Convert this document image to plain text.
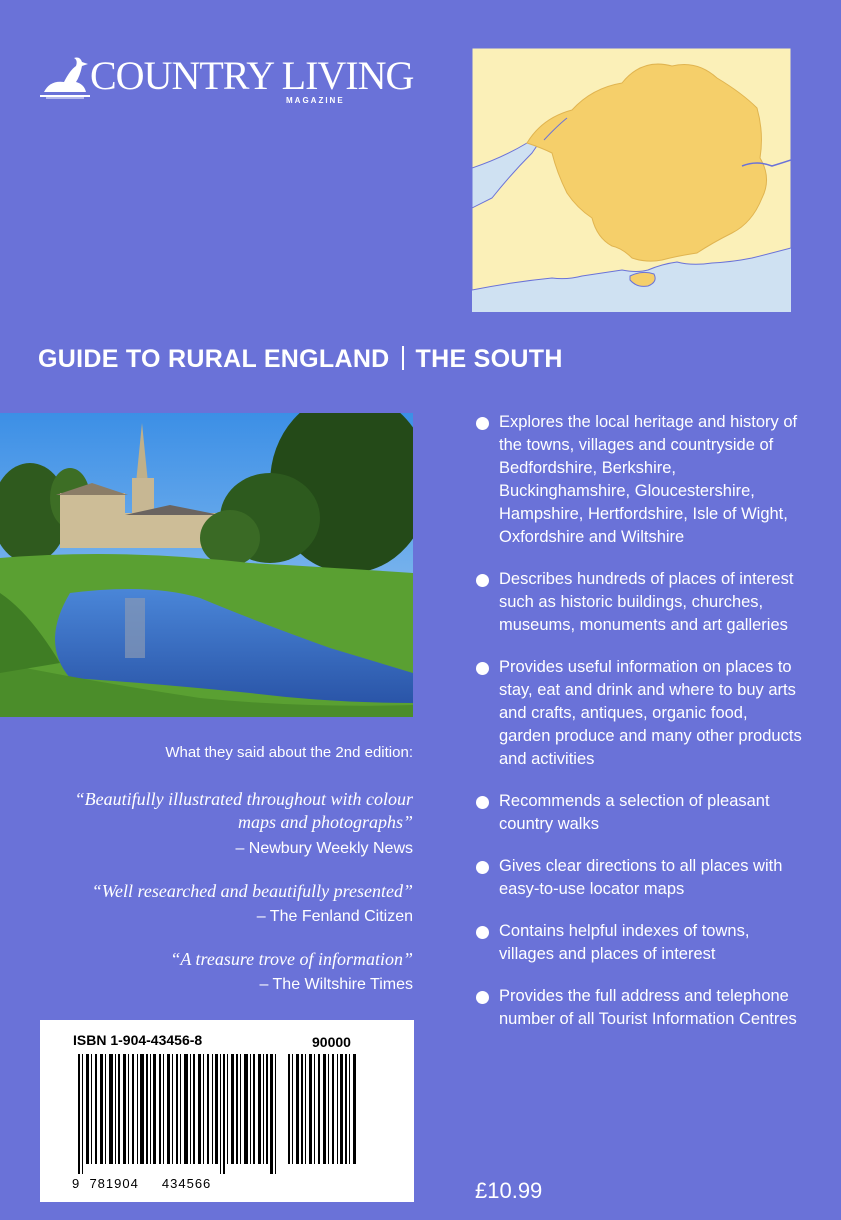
COUNTRY LIVING
MAGAZINE
GUIDE TO RURAL ENGLAND THE SOUTH
What they said about the 2nd edition:
“Beautifully illustrated throughout with colour maps and photographs”
– Newbury Weekly News
“Well researched and beautifully presented”
– The Fenland Citizen
“A treasure trove of information”
– The Wiltshire Times
ISBN 1-904-43456-8	90000
9  781904     434566
Explores the local heritage and history of the towns, villages and countryside of Bedfordshire, Berkshire, Buckinghamshire, Gloucestershire, Hampshire, Hertfordshire, Isle of Wight, Oxfordshire and Wiltshire
Describes hundreds of places of interest such as historic buildings, churches, museums, monuments and art galleries
Provides useful information on places to stay, eat and drink and where to buy arts and crafts, antiques, organic food, garden produce and many other products and activities
Recommends a selection of pleasant country walks
Gives clear directions to all places with easy-to-use locator maps
Contains helpful indexes of towns, villages and places of interest
Provides the full address and telephone number of all Tourist Information Centres
£10.99
